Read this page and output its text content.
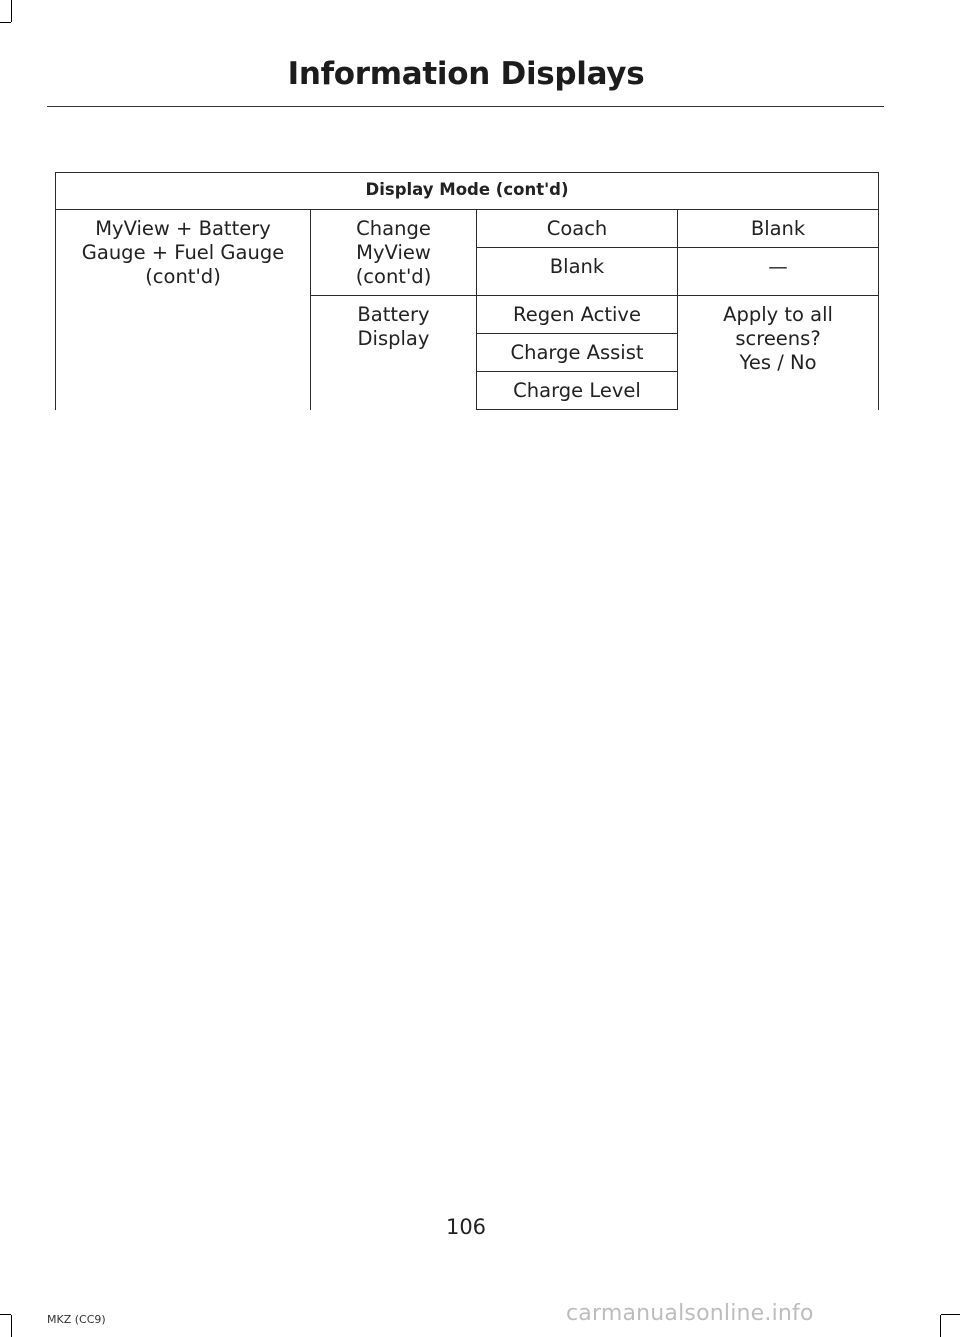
Information Displays
Display Mode (cont'd)			

MyView + Battery
Gauge + Fuel Gauge
(cont'd)	Change
MyView
(cont'd)	Coach	Blank
		Blank	—

	Battery
Display	Regen Active	Apply to all
screens?
Yes / No

		Charge Assist	
		Charge Level	
106
MKZ (CC9)	carmanualsonline.info
